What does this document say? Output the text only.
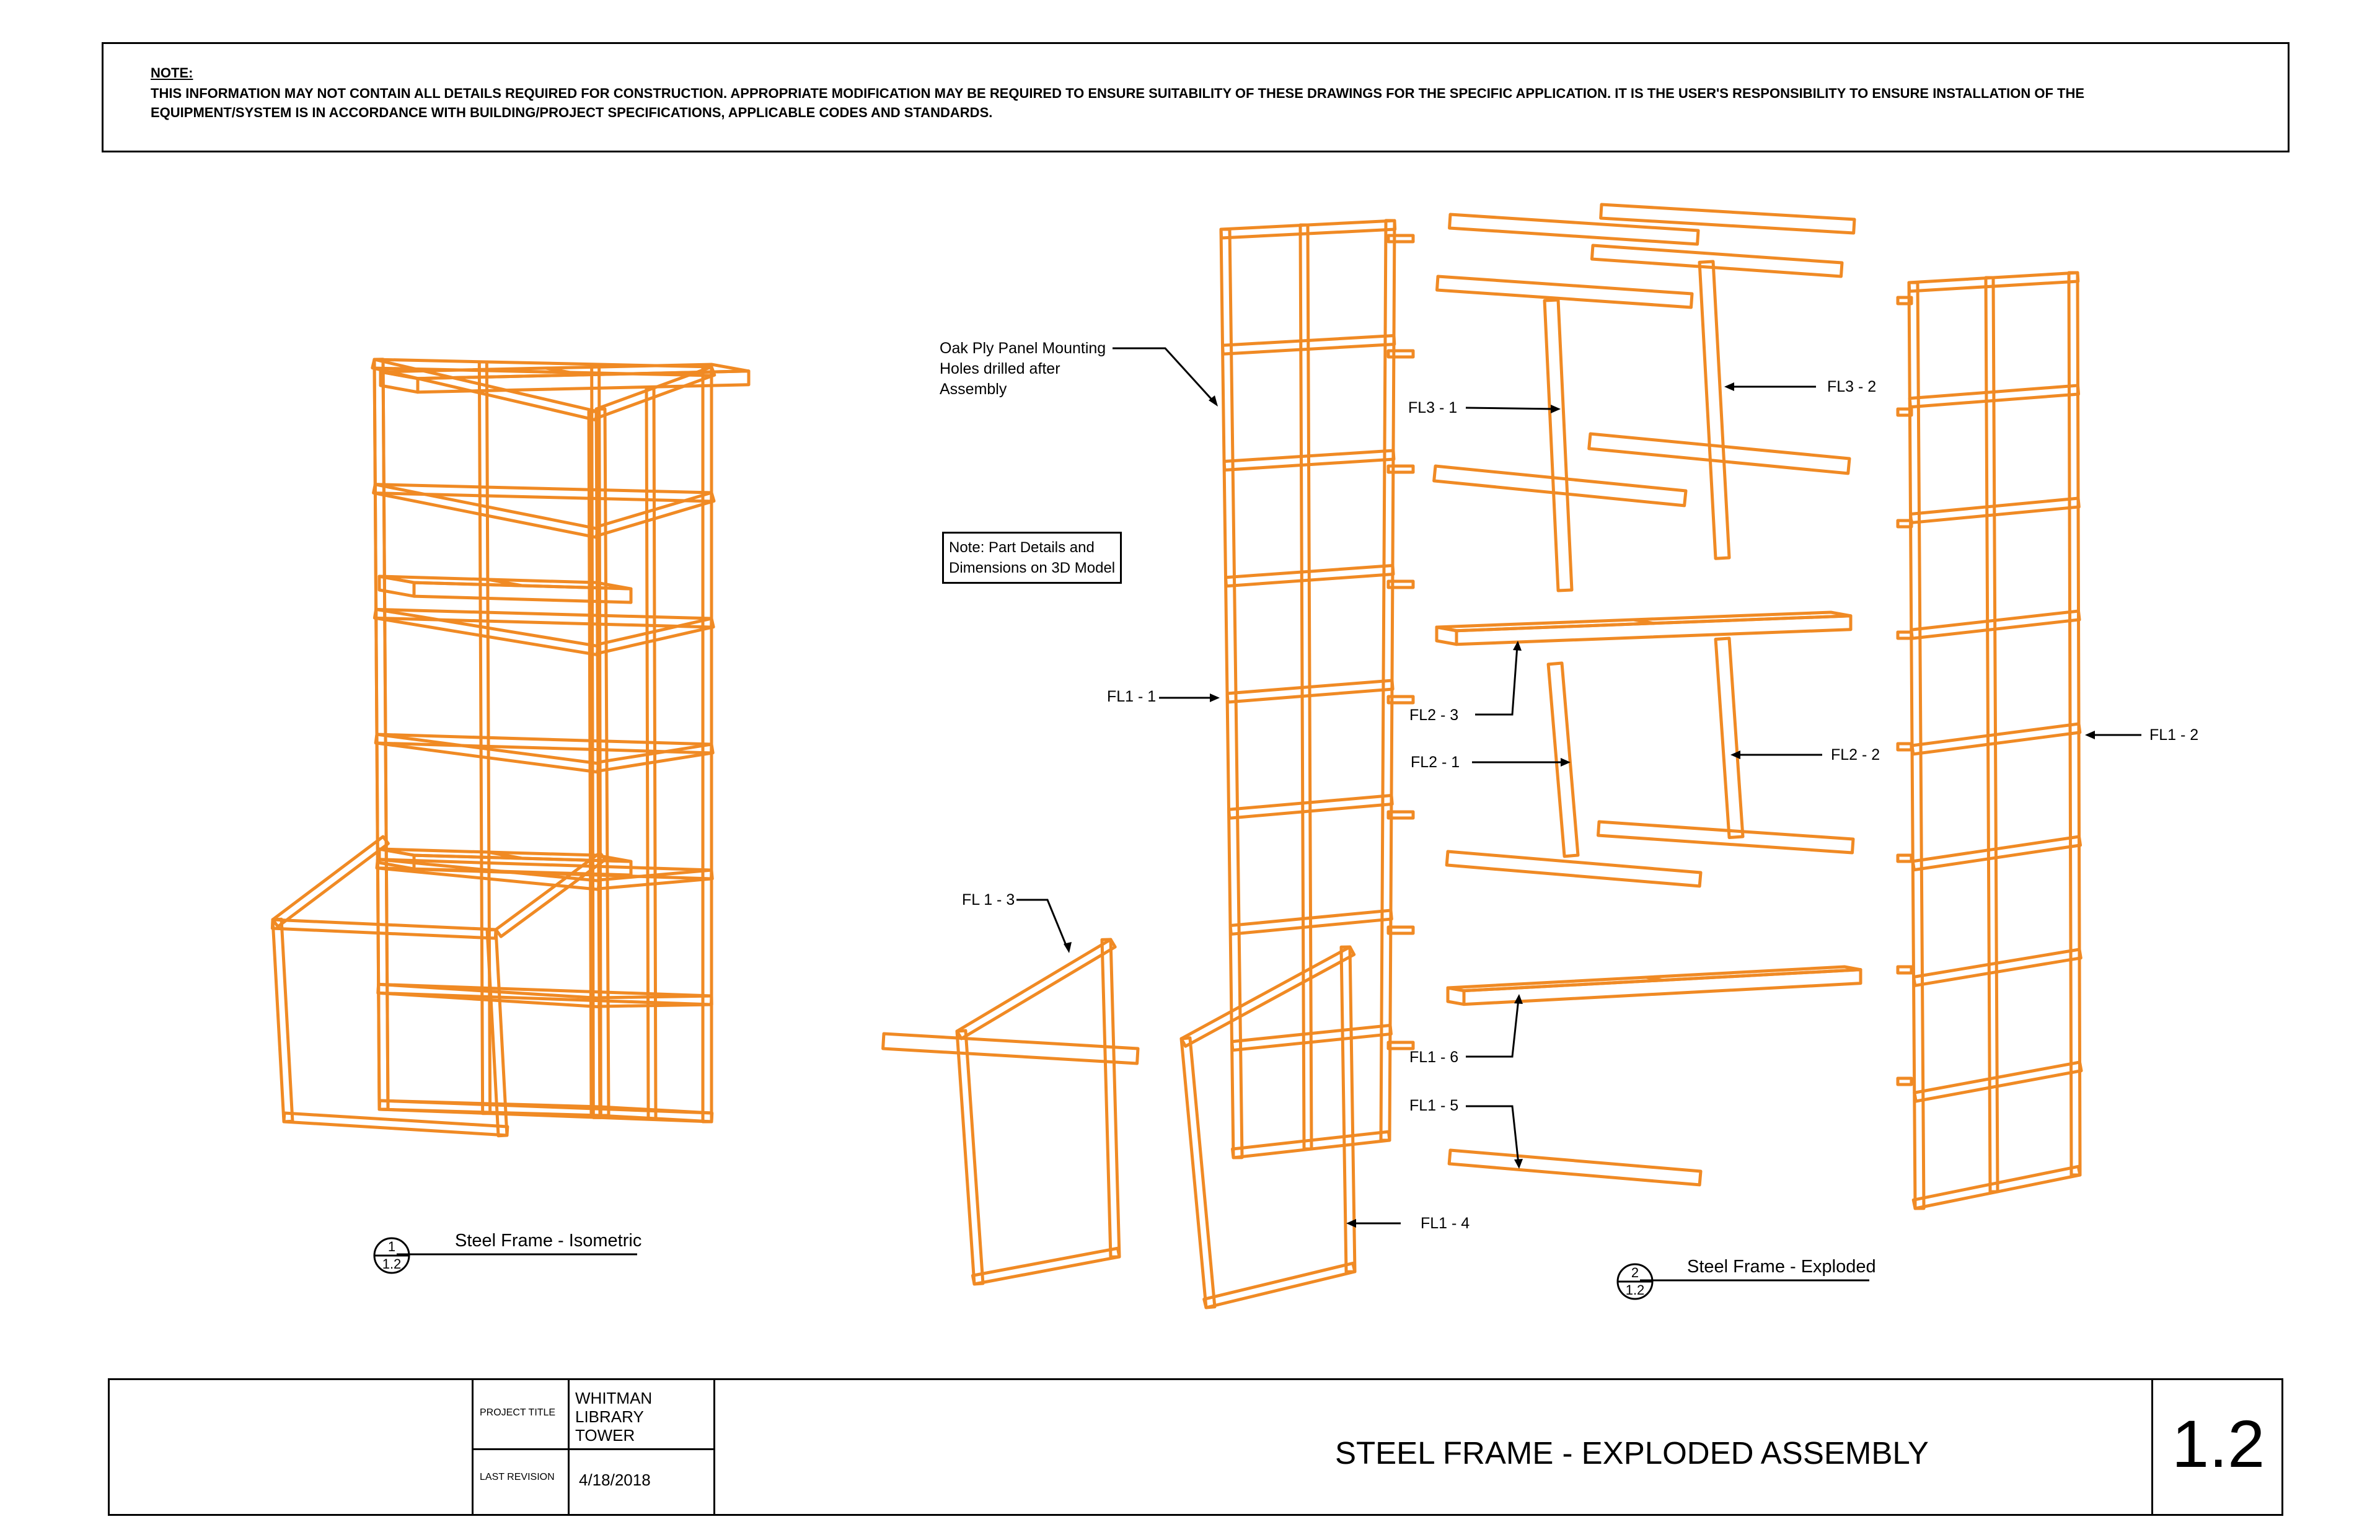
1
1.2
2
1.2
NOTE:
THIS INFORMATION MAY NOT CONTAIN ALL DETAILS REQUIRED FOR CONSTRUCTION. APPROPRIATE MODIFICATION MAY BE REQUIRED TO ENSURE SUITABILITY OF THESE DRAWINGS FOR THE SPECIFIC APPLICATION. IT IS THE USER'S RESPONSIBILITY TO ENSURE INSTALLATION OF THE
EQUIPMENT/SYSTEM IS IN ACCORDANCE WITH BUILDING/PROJECT SPECIFICATIONS, APPLICABLE CODES AND STANDARDS.
Oak Ply Panel Mounting
Holes drilled after
Assembly
Note: Part Details and
Dimensions on 3D Model
FL1 - 1
FL1 - 2
FL 1 - 3
FL1 - 4
FL1 - 5
FL1 - 6
FL2 - 1	FL2 - 2
FL2 - 3
FL3 - 1
FL3 - 2
Steel Frame - Isometric
Steel Frame - Exploded
PROJECT TITLE
WHITMAN LIBRARY
TOWER
LAST REVISION 4/18/2018
STEEL FRAME - EXPLODED ASSEMBLY	1.2
